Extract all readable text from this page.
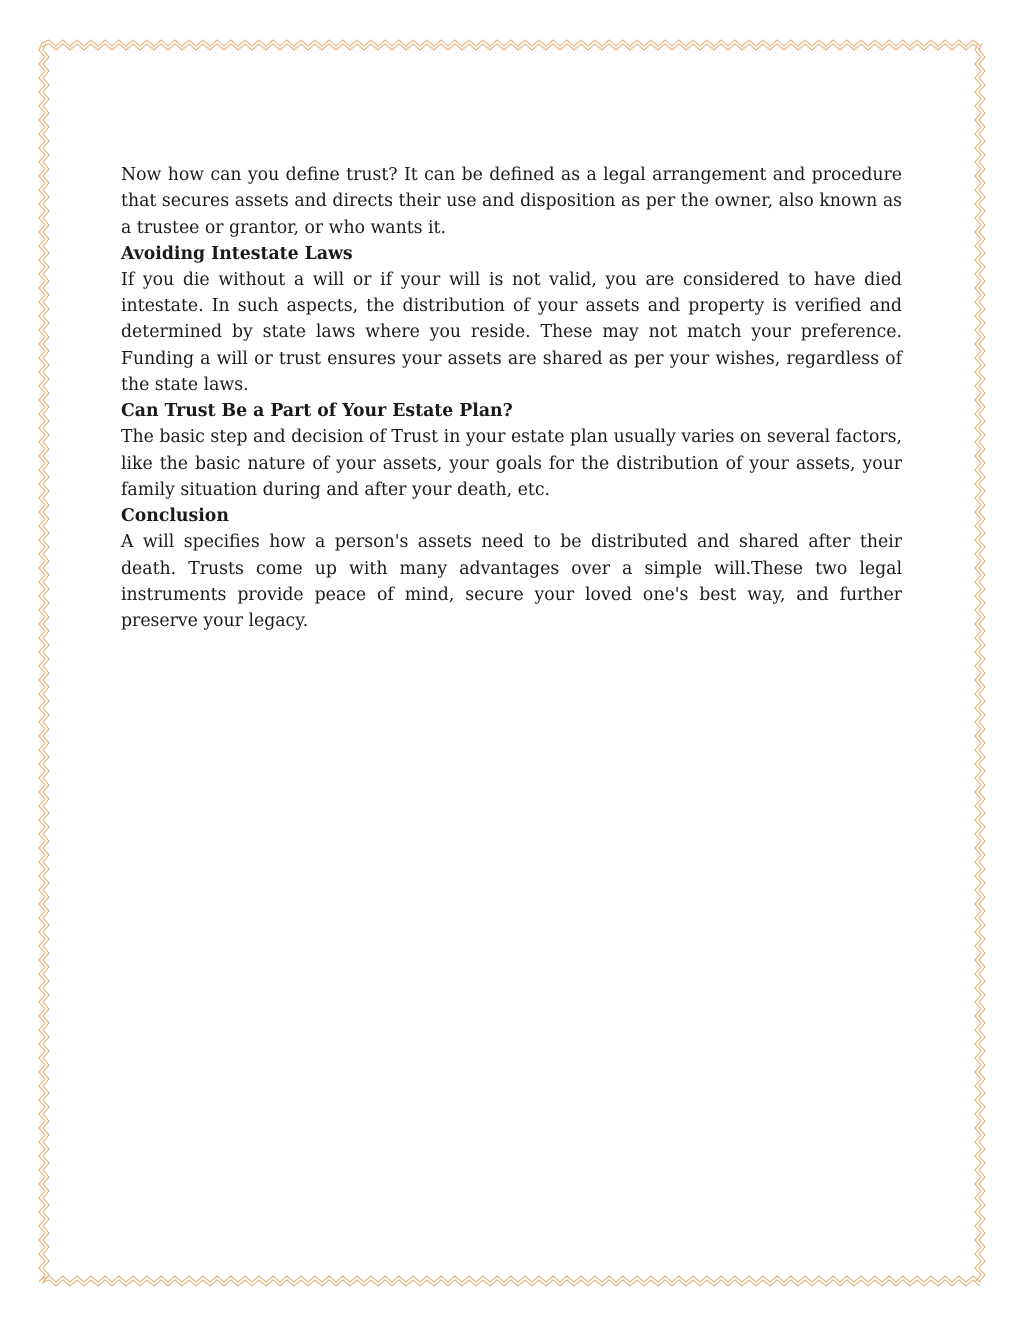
Now how can you define trust? It can be defined as a legal arrangement and procedure that secures assets and directs their use and disposition as per the owner, also known as a trustee or grantor, or who wants it.

Avoiding Intestate Laws

If you die without a will or if your will is not valid, you are considered to have died intestate. In such aspects, the distribution of your assets and property is verified and determined by state laws where you reside. These may not match your preference. Funding a will or trust ensures your assets are shared as per your wishes, regardless of the state laws.

Can Trust Be a Part of Your Estate Plan?

The basic step and decision of Trust in your estate plan usually varies on several factors, like the basic nature of your assets, your goals for the distribution of your assets, your family situation during and after your death, etc.

Conclusion

A will specifies how a person's assets need to be distributed and shared after their death. Trusts come up with many advantages over a simple will.These two legal instruments provide peace of mind, secure your loved one's best way, and further preserve your legacy.
